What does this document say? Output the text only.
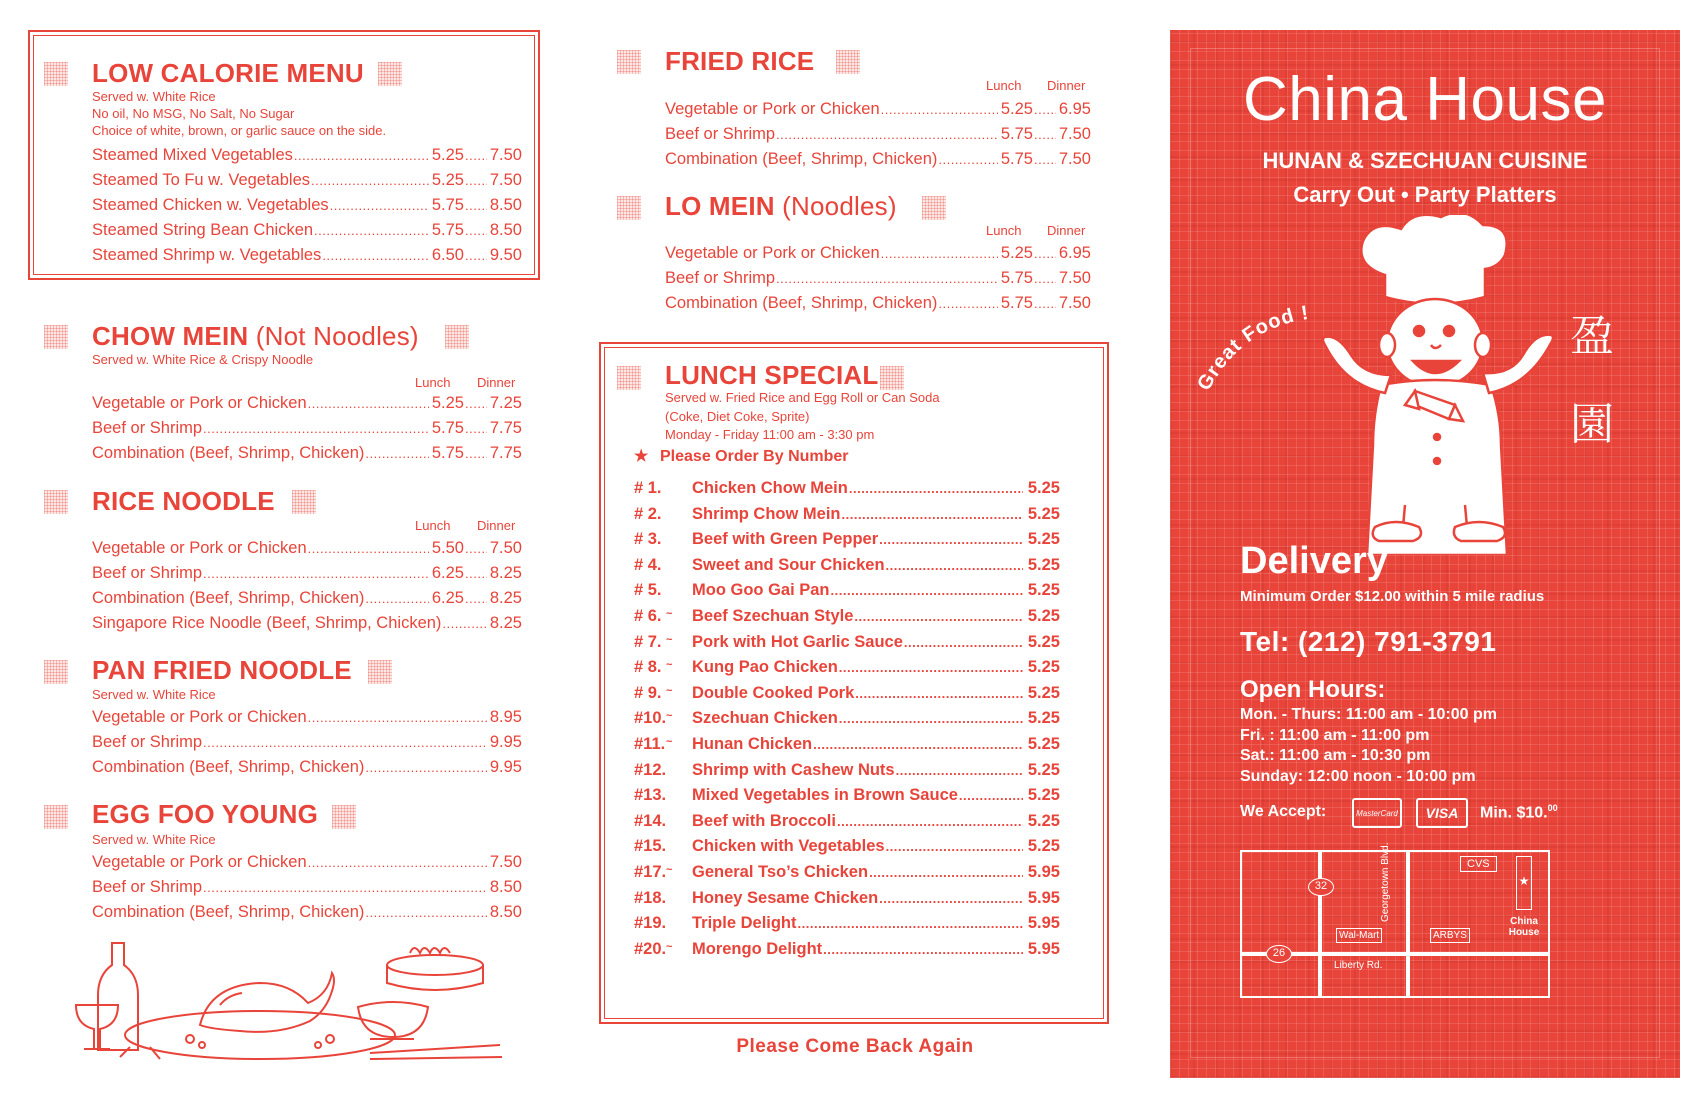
LOW CALORIE MENU
Served w. White Rice
No oil, No MSG, No Salt, No Sugar
Choice of white, brown, or garlic sauce on the side.
Steamed Mixed Vegetables .....	5.25 ..... 7.50
Steamed To Fu w. Vegetables .....	5.25 ..... 7.50
Steamed Chicken w. Vegetables .....	5.75 ..... 8.50
Steamed String Bean Chicken .....	5.75 ..... 8.50
Steamed Shrimp w. Vegetables .....	6.50 ..... 9.50
CHOW MEIN (Not Noodles)
Served w. White Rice & Crispy Noodle
Lunch Dinner
Vegetable or Pork or Chicken .....	5.25 ..... 7.25
Beef or Shrimp .....	5.75 ..... 7.75
Combination (Beef, Shrimp, Chicken) .....	5.75 ..... 7.75
RICE NOODLE
Lunch Dinner
Vegetable or Pork or Chicken .....	5.50 ..... 7.50
Beef or Shrimp .....	6.25 ..... 8.25
Combination (Beef, Shrimp, Chicken) .....	6.25 ..... 8.25
Singapore Rice Noodle (Beef, Shrimp, Chicken) .....	8.25
PAN FRIED NOODLE
Served w. White Rice
Vegetable or Pork or Chicken .....	8.95
Beef or Shrimp .....	9.95
Combination (Beef, Shrimp, Chicken) .....	9.95
EGG FOO YOUNG
Served w. White Rice
Vegetable or Pork or Chicken .....	7.50
Beef or Shrimp .....	8.50
Combination (Beef, Shrimp, Chicken) .....	8.50
FRIED RICE
Lunch Dinner
Vegetable or Pork or Chicken .....	5.25 ..... 6.95
Beef or Shrimp .....	5.75 ..... 7.50
Combination (Beef, Shrimp, Chicken) .....	5.75 ..... 7.50
LO MEIN (Noodles)
Lunch Dinner
Vegetable or Pork or Chicken .....	5.25 ..... 6.95
Beef or Shrimp .....	5.75 ..... 7.50
Combination (Beef, Shrimp, Chicken) .....	5.75 ..... 7.50
LUNCH SPECIAL
Served w. Fried Rice and Egg Roll or Can Soda
(Coke, Diet Coke, Sprite)
Monday - Friday 11:00 am - 3:30 pm
★ Please Order By Number
# 1.	Chicken Chow Mein .....	5.25
# 2.	Shrimp Chow Mein .....	5.25
# 3.	Beef with Green Pepper .....	5.25
# 4.	Sweet and Sour Chicken .....	5.25
# 5.	Moo Goo Gai Pan .....	5.25
# 6. ~ Beef Szechuan Style .....	5.25
# 7. ~ Pork with Hot Garlic Sauce .....	5.25
# 8. ~ Kung Pao Chicken .....	5.25
# 9. ~ Double Cooked Pork .....	5.25
#10. ~ Szechuan Chicken .....	5.25
#11. ~ Hunan Chicken .....	5.25
#12.	Shrimp with Cashew Nuts .....	5.25
#13.	Mixed Vegetables in Brown Sauce .....	5.25
#14.	Beef with Broccoli .....	5.25
#15.	Chicken with Vegetables .....	5.25
#17. ~ General Tso’s Chicken .....	5.95
#18.	Honey Sesame Chicken .....	5.95
#19.	Triple Delight .....	5.95
#20. ~ Morengo Delight .....	5.95
Please Come Back Again
China House
HUNAN & SZECHUAN CUISINE
Carry Out • Party Platters
Great Food !	盈
園
Delivery
Minimum Order $12.00 within 5 mile radius
Tel: (212) 791-3791
Open Hours:
Mon. - Thurs: 11:00 am - 10:00 pm
Fri. : 11:00 am - 11:00 pm
Sat.: 11:00 am - 10:30 pm
Sunday: 12:00 noon - 10:00 pm
We Accept:	MasterCard VISA Min. $10.00
32
26
Georgetown Blvd.
Liberty Rd.
Wal-Mart	ARBYS
CVS
★
China
House
